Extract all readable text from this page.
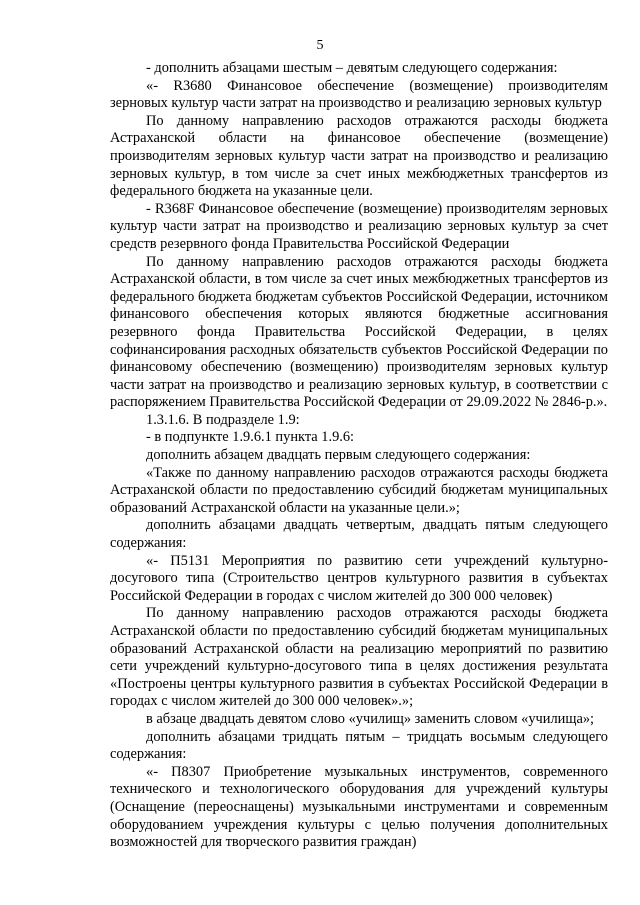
5

- дополнить абзацами шестым – девятым следующего содержания:

«- R3680 Финансовое обеспечение (возмещение) производителям зерновых культур части затрат на производство и реализацию зерновых культур

По данному направлению расходов отражаются расходы бюджета Астраханской области на финансовое обеспечение (возмещение) производителям зерновых культур части затрат на производство и реализацию зерновых культур, в том числе за счет иных межбюджетных трансфертов из федерального бюджета на указанные цели.

- R368F Финансовое обеспечение (возмещение) производителям зерновых культур части затрат на производство и реализацию зерновых культур за счет средств резервного фонда Правительства Российской Федерации

По данному направлению расходов отражаются расходы бюджета Астраханской области, в том числе за счет иных межбюджетных трансфертов из федерального бюджета бюджетам субъектов Российской Федерации, источником финансового обеспечения которых являются бюджетные ассигнования резервного фонда Правительства Российской Федерации, в целях софинансирования расходных обязательств субъектов Российской Федерации по финансовому обеспечению (возмещению) производителям зерновых культур части затрат на производство и реализацию зерновых культур, в соответствии с распоряжением Правительства Российской Федерации от 29.09.2022 № 2846-р.».

1.3.1.6. В подразделе 1.9:

- в подпункте 1.9.6.1 пункта 1.9.6:

дополнить абзацем двадцать первым следующего содержания:

«Также по данному направлению расходов отражаются расходы бюджета Астраханской области по предоставлению субсидий бюджетам муниципальных образований Астраханской области на указанные цели.»;

дополнить абзацами двадцать четвертым, двадцать пятым следующего содержания:

«- П5131 Мероприятия по развитию сети учреждений культурно-досугового типа (Строительство центров культурного развития в субъектах Российской Федерации в городах с числом жителей до 300 000 человек)

По данному направлению расходов отражаются расходы бюджета Астраханской области по предоставлению субсидий бюджетам муниципальных образований Астраханской области на реализацию мероприятий по развитию сети учреждений культурно-досугового типа в целях достижения результата «Построены центры культурного развития в субъектах Российской Федерации в городах с числом жителей до 300 000 человек».»;

в абзаце двадцать девятом слово «училищ» заменить словом «училища»;

дополнить абзацами тридцать пятым – тридцать восьмым следующего содержания:

«- П8307 Приобретение музыкальных инструментов, современного технического и технологического оборудования для учреждений культуры (Оснащение (переоснащены) музыкальными инструментами и современным оборудованием учреждения культуры с целью получения дополнительных возможностей для творческого развития граждан)
